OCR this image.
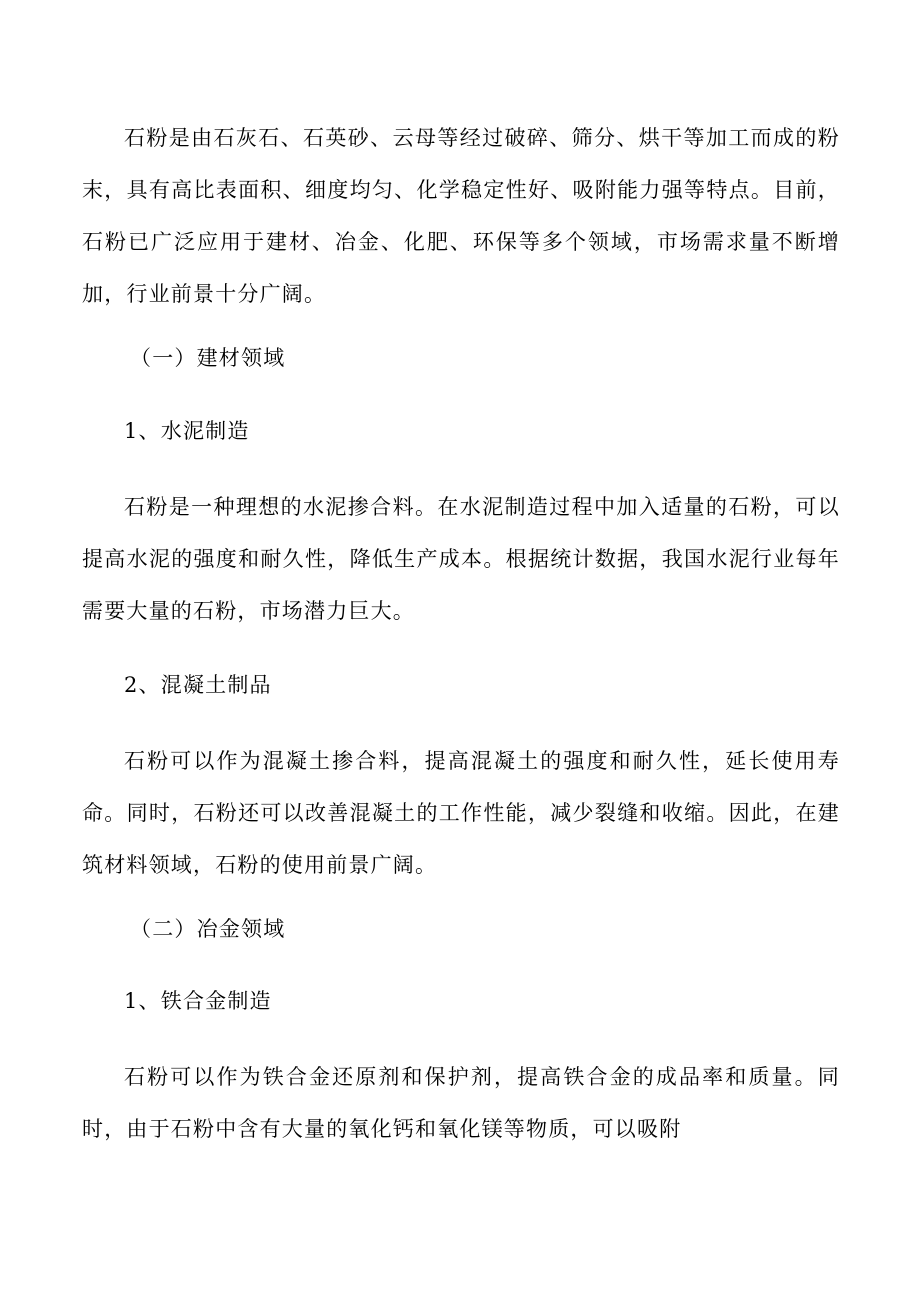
石粉是由石灰石、石英砂、云母等经过破碎、筛分、烘干等加工而成的粉末，具有高比表面积、细度均匀、化学稳定性好、吸附能力强等特点。目前，石粉已广泛应用于建材、冶金、化肥、环保等多个领域，市场需求量不断增加，行业前景十分广阔。

（一）建材领域

1、水泥制造

石粉是一种理想的水泥掺合料。在水泥制造过程中加入适量的石粉，可以提高水泥的强度和耐久性，降低生产成本。根据统计数据，我国水泥行业每年需要大量的石粉，市场潜力巨大。

2、混凝土制品

石粉可以作为混凝土掺合料，提高混凝土的强度和耐久性，延长使用寿命。同时，石粉还可以改善混凝土的工作性能，减少裂缝和收缩。因此，在建筑材料领域，石粉的使用前景广阔。

（二）冶金领域

1、铁合金制造

石粉可以作为铁合金还原剂和保护剂，提高铁合金的成品率和质量。同时，由于石粉中含有大量的氧化钙和氧化镁等物质，可以吸附
